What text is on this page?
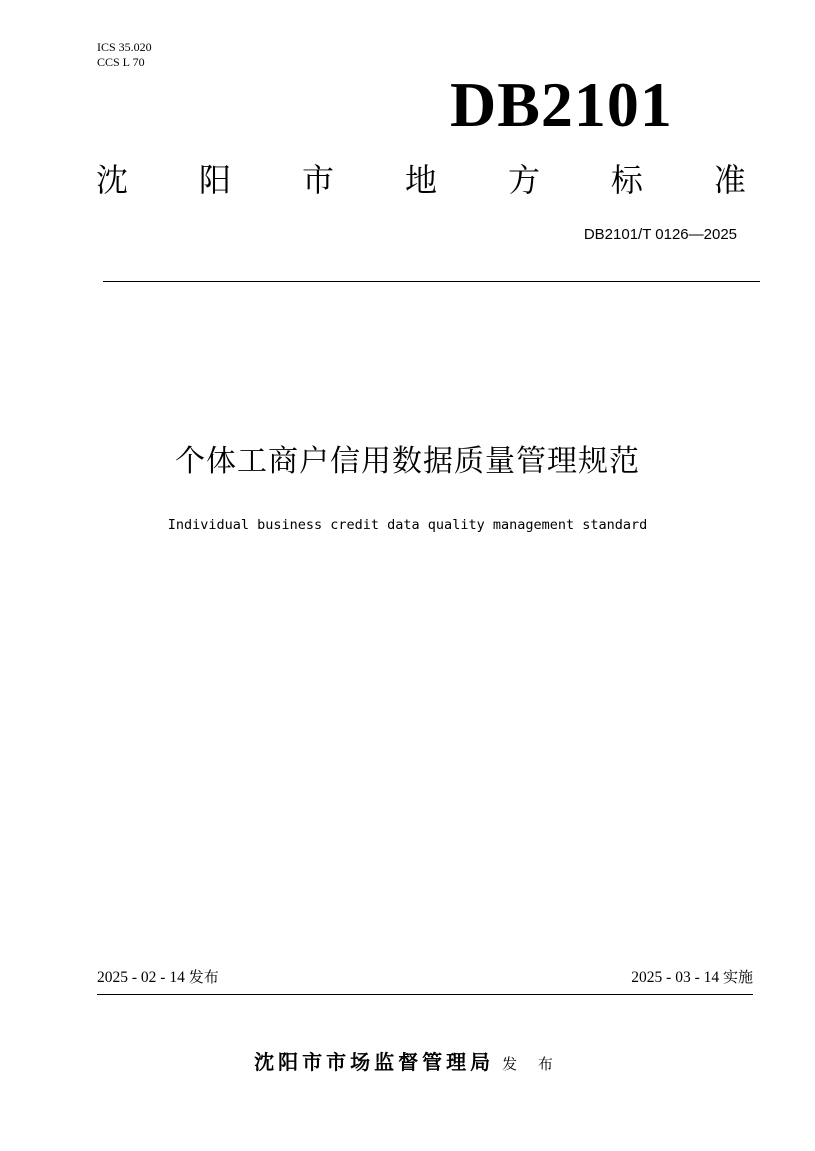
ICS 35.020
CCS L 70
DB2101
沈 阳 市 地 方 标 准
DB2101/T 0126—2025
个体工商户信用数据质量管理规范
Individual business credit data quality management standard
2025 - 02 - 14 发布	2025 - 03 - 14 实施
沈阳市市场监督管理局 发 布
